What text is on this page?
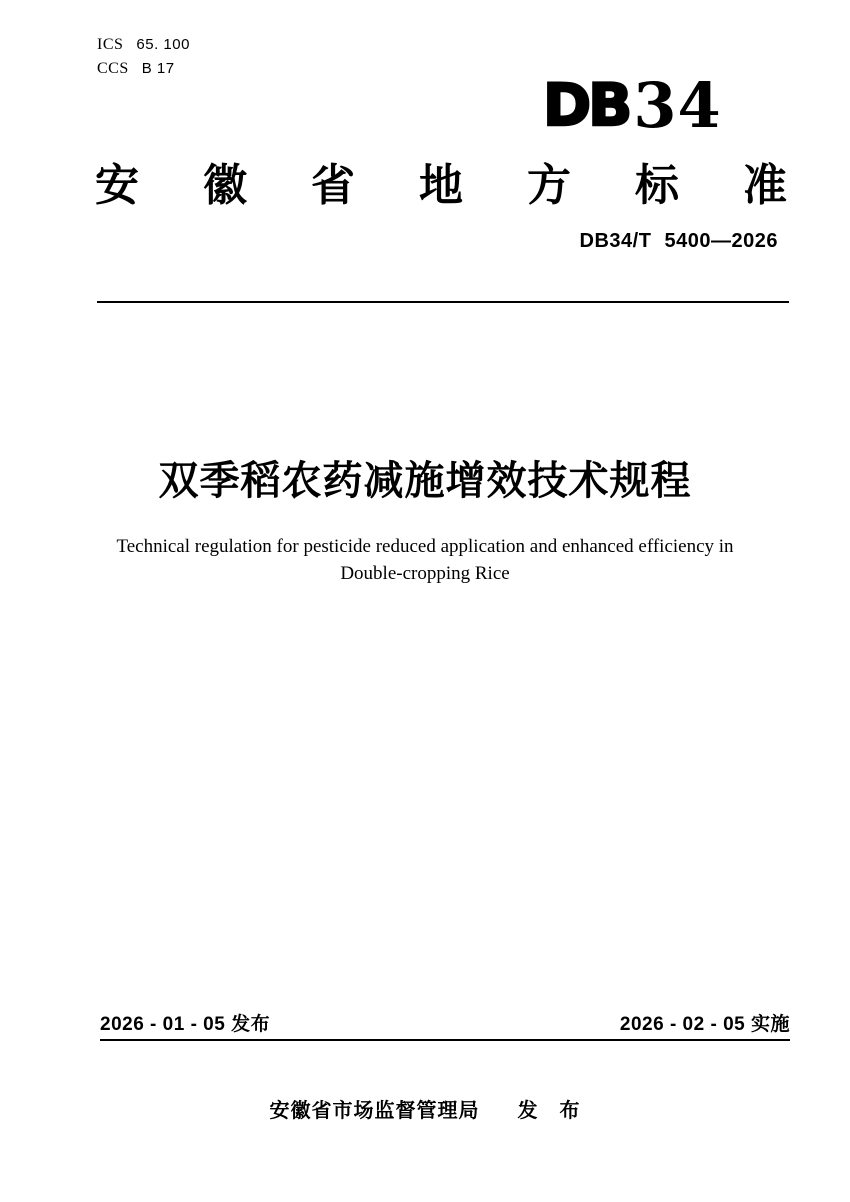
ICS 65. 100
CCS B 17
DB 34
安 徽 省 地 方 标 准
DB34/T 5400—2026
双季稻农药减施增效技术规程
Technical regulation for pesticide reduced application and enhanced efficiency in
Double-cropping Rice
2026 - 01 - 05 发布	2026 - 02 - 05 实施
安徽省市场监督管理局 发　布
